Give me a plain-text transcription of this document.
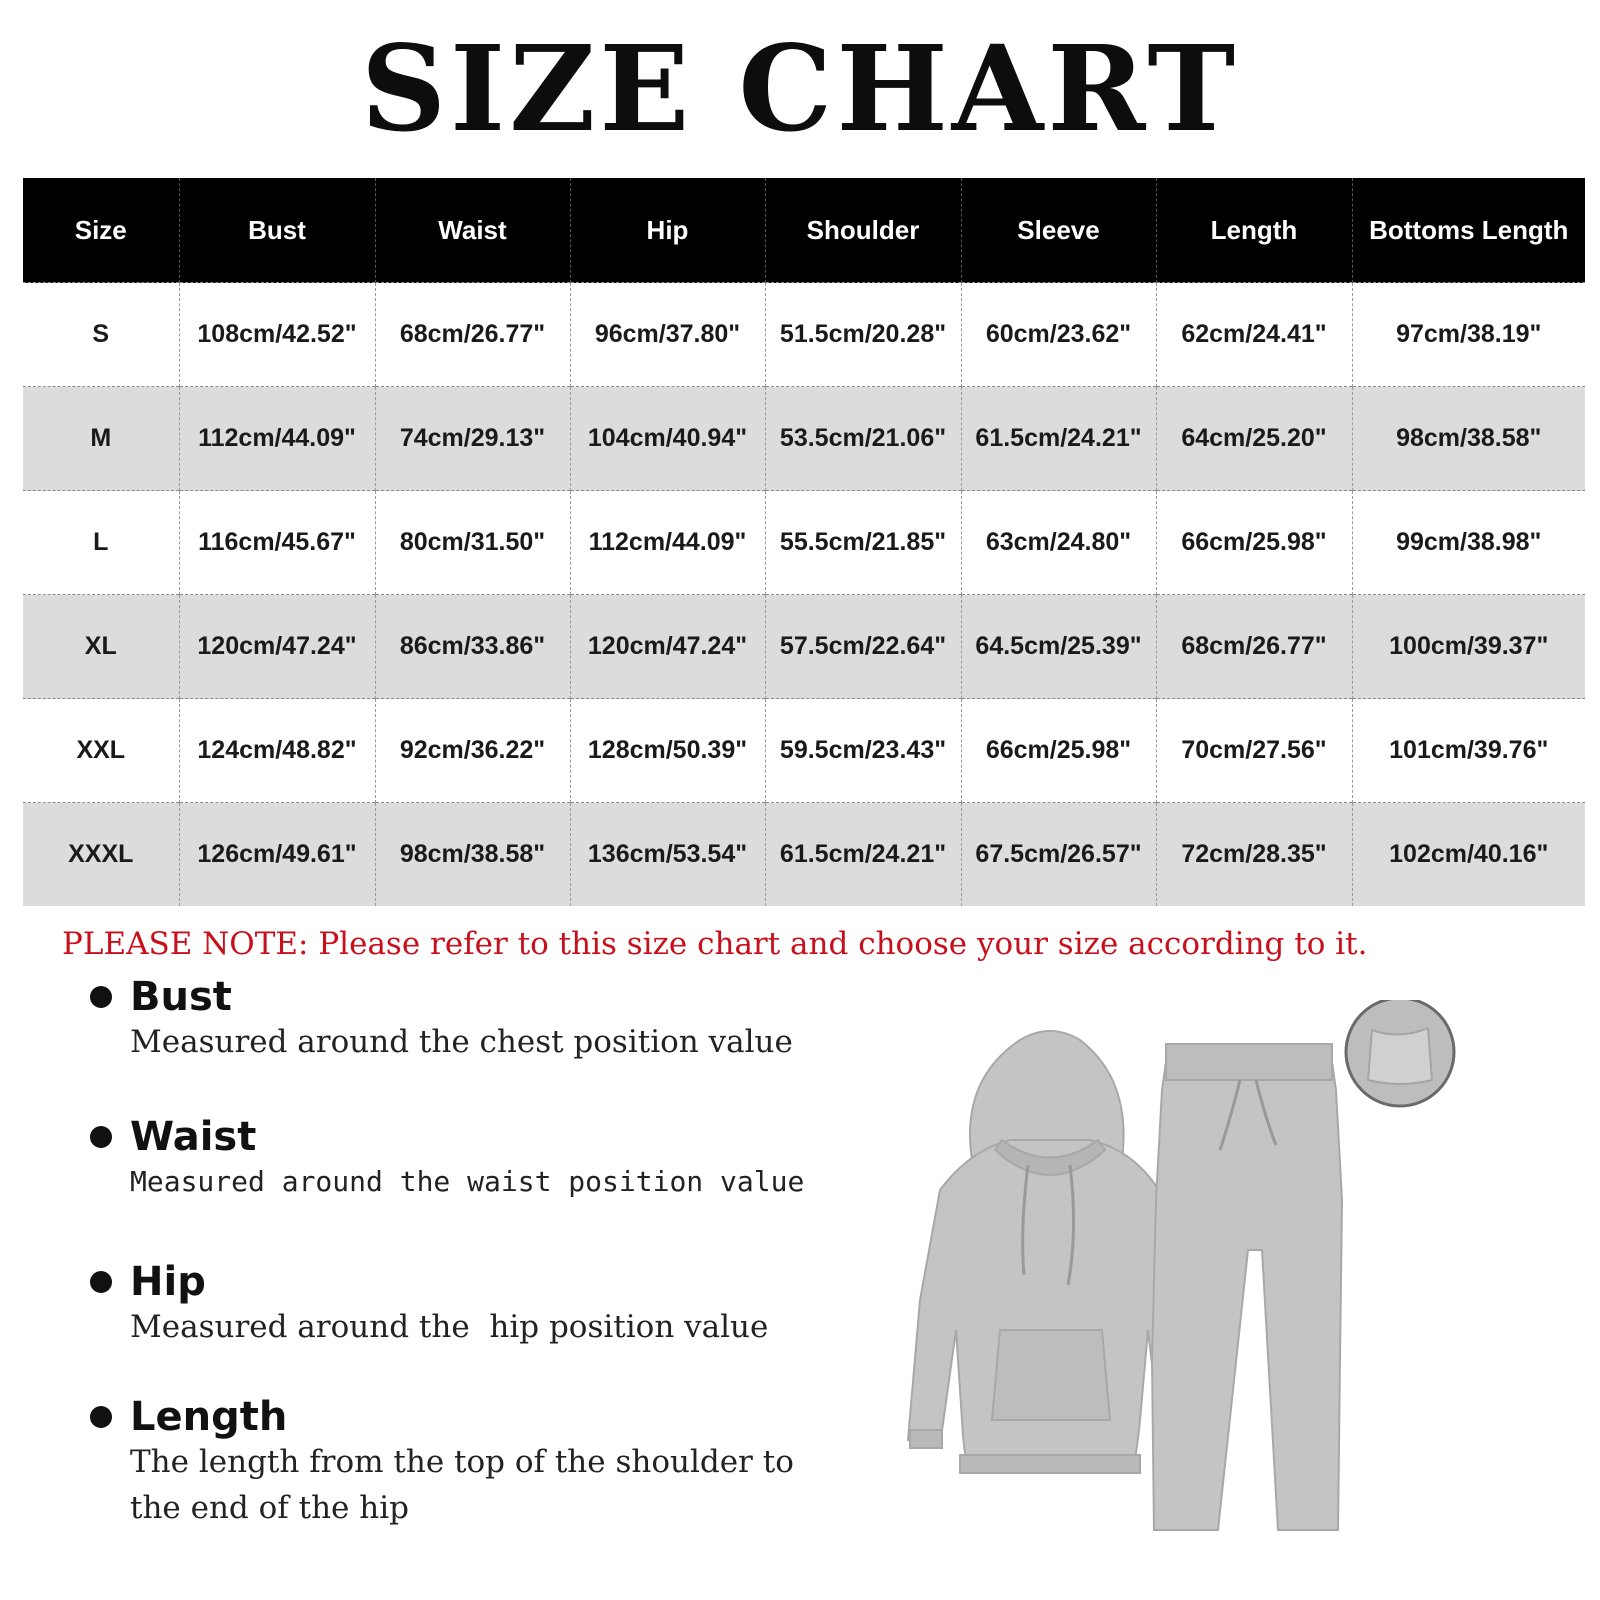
SIZE CHART
Size	Bust	Waist	Hip	Shoulder	Sleeve	Length	Bottoms Length
S	108cm/42.52"	68cm/26.77"	96cm/37.80"	51.5cm/20.28"	60cm/23.62"	62cm/24.41"	97cm/38.19"
M	112cm/44.09"	74cm/29.13"	104cm/40.94"	53.5cm/21.06"	61.5cm/24.21"	64cm/25.20"	98cm/38.58"
L	116cm/45.67"	80cm/31.50"	112cm/44.09"	55.5cm/21.85"	63cm/24.80"	66cm/25.98"	99cm/38.98"
XL	120cm/47.24"	86cm/33.86"	120cm/47.24"	57.5cm/22.64"	64.5cm/25.39"	68cm/26.77"	100cm/39.37"
XXL	124cm/48.82"	92cm/36.22"	128cm/50.39"	59.5cm/23.43"	66cm/25.98"	70cm/27.56"	101cm/39.76"
XXXL	126cm/49.61"	98cm/38.58"	136cm/53.54"	61.5cm/24.21"	67.5cm/26.57"	72cm/28.35"	102cm/40.16"
PLEASE NOTE: Please refer to this size chart and choose your size according to it.
Bust
Measured around the chest position value
Waist
Measured around the waist position value
Hip
Measured around the  hip position value
Length
The length from the top of the shoulder to
the end of the hip
